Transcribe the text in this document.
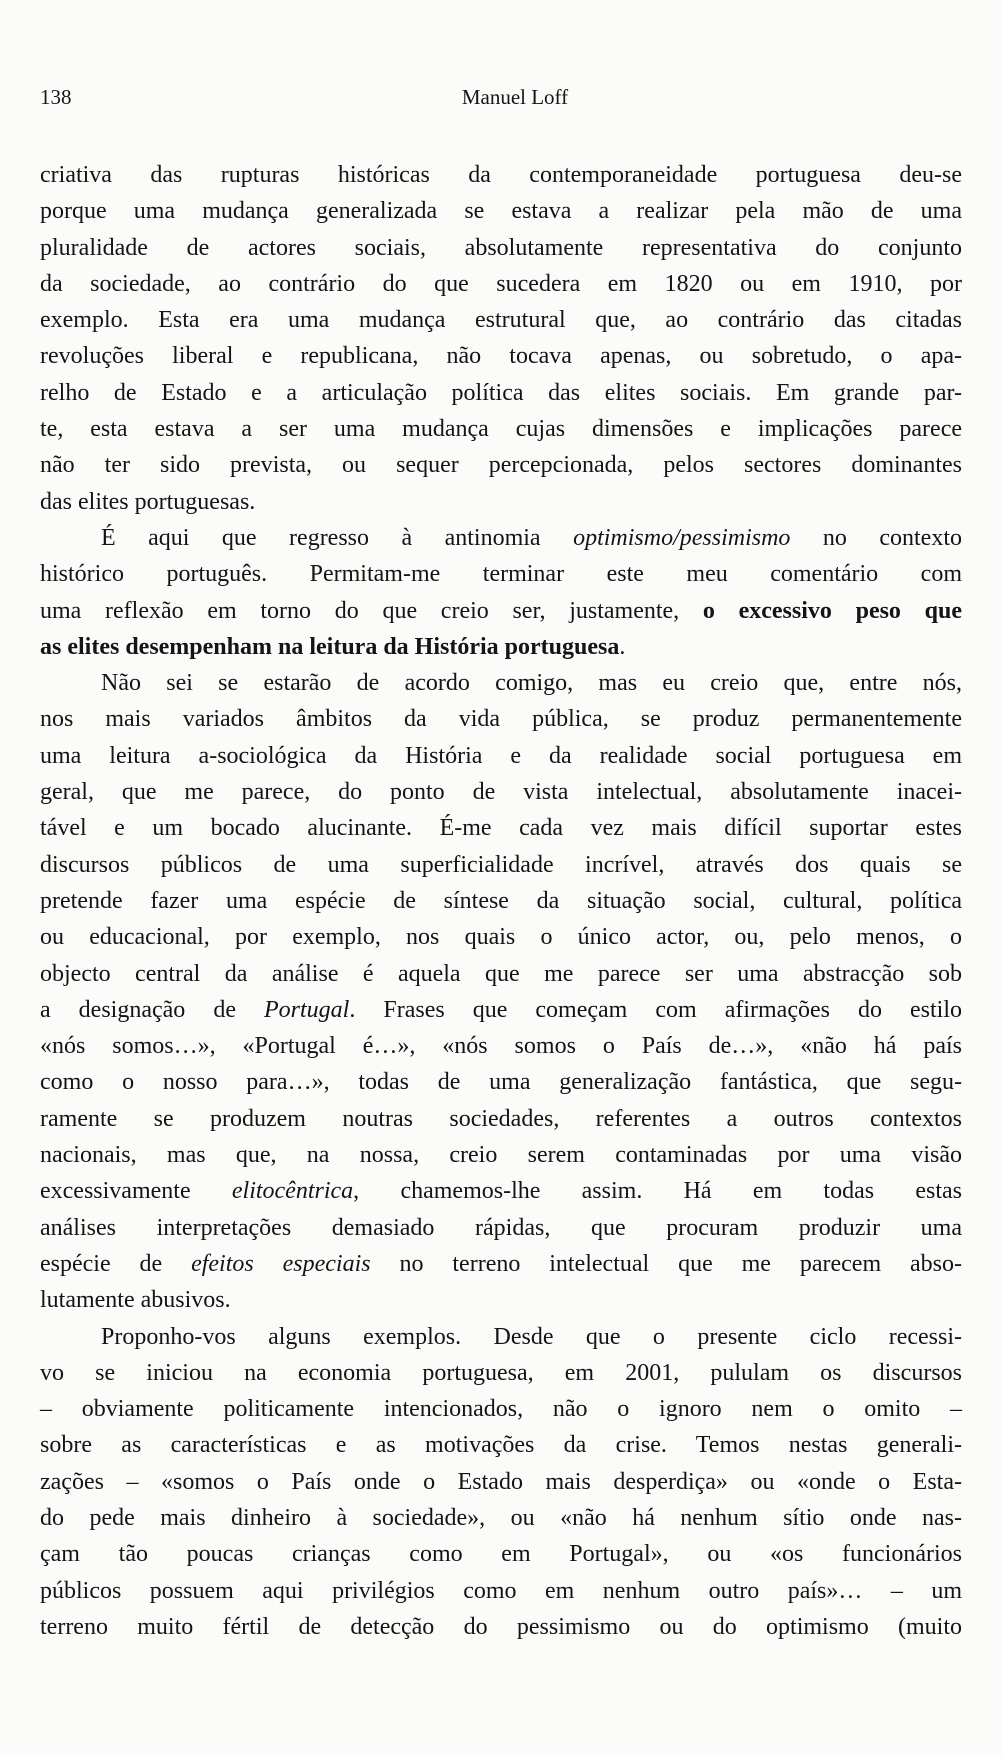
138	Manuel Loff
criativa das rupturas históricas da contemporaneidade portuguesa deu-se
porque uma mudança generalizada se estava a realizar pela mão de uma
pluralidade de actores sociais, absolutamente representativa do conjunto
da sociedade, ao contrário do que sucedera em 1820 ou em 1910, por
exemplo. Esta era uma mudança estrutural que, ao contrário das citadas
revoluções liberal e republicana, não tocava apenas, ou sobretudo, o apa-
relho de Estado e a articulação política das elites sociais. Em grande par-
te, esta estava a ser uma mudança cujas dimensões e implicações parece
não ter sido prevista, ou sequer percepcionada, pelos sectores dominantes
das elites portuguesas.
É aqui que regresso à antinomia optimismo/pessimismo no contexto
histórico português. Permitam-me terminar este meu comentário com
uma reflexão em torno do que creio ser, justamente, o excessivo peso que
as elites desempenham na leitura da História portuguesa.
Não sei se estarão de acordo comigo, mas eu creio que, entre nós,
nos mais variados âmbitos da vida pública, se produz permanentemente
uma leitura a-sociológica da História e da realidade social portuguesa em
geral, que me parece, do ponto de vista intelectual, absolutamente inacei-
tável e um bocado alucinante. É-me cada vez mais difícil suportar estes
discursos públicos de uma superficialidade incrível, através dos quais se
pretende fazer uma espécie de síntese da situação social, cultural, política
ou educacional, por exemplo, nos quais o único actor, ou, pelo menos, o
objecto central da análise é aquela que me parece ser uma abstracção sob
a designação de Portugal. Frases que começam com afirmações do estilo
«nós somos…», «Portugal é…», «nós somos o País de…», «não há país
como o nosso para…», todas de uma generalização fantástica, que segu-
ramente se produzem noutras sociedades, referentes a outros contextos
nacionais, mas que, na nossa, creio serem contaminadas por uma visão
excessivamente elitocêntrica, chamemos-lhe assim. Há em todas estas
análises interpretações demasiado rápidas, que procuram produzir uma
espécie de efeitos especiais no terreno intelectual que me parecem abso-
lutamente abusivos.
Proponho-vos alguns exemplos. Desde que o presente ciclo recessi-
vo se iniciou na economia portuguesa, em 2001, pululam os discursos
– obviamente politicamente intencionados, não o ignoro nem o omito –
sobre as características e as motivações da crise. Temos nestas generali-
zações – «somos o País onde o Estado mais desperdiça» ou «onde o Esta-
do pede mais dinheiro à sociedade», ou «não há nenhum sítio onde nas-
çam tão poucas crianças como em Portugal», ou «os funcionários
públicos possuem aqui privilégios como em nenhum outro país»… – um
terreno muito fértil de detecção do pessimismo ou do optimismo (muito
